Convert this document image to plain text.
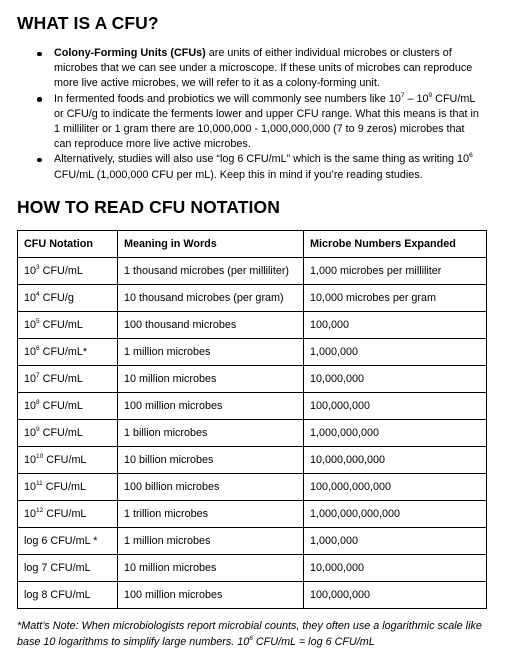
WHAT IS A CFU?
Colony-Forming Units (CFUs) are units of either individual microbes or clusters of microbes that we can see under a microscope. If these units of microbes can reproduce more live active microbes, we will refer to it as a colony-forming unit.
In fermented foods and probiotics we will commonly see numbers like $10^7 - 10^9$ CFU/mL or CFU/g to indicate the ferments lower and upper CFU range. What this means is that in 1 milliliter or 1 gram there are 10,000,000 - 1,000,000,000 (7 to 9 zeros) microbes that can reproduce more live active microbes.
Alternatively, studies will also use “log 6 CFU/mL” which is the same thing as writing $10^6$ CFU/mL (1,000,000 CFU per mL). Keep this in mind if you’re reading studies.
HOW TO READ CFU NOTATION
CFU Notation	Meaning in Words	Microbe Numbers Expanded
$10^3$ CFU/mL	1 thousand microbes (per milliliter)	1,000 microbes per milliliter
$10^4$ CFU/g	10 thousand microbes (per gram)	10,000 microbes per gram
$10^5$ CFU/mL	100 thousand microbes	100,000
$10^6$ CFU/mL*	1 million microbes	1,000,000
$10^7$ CFU/mL	10 million microbes	10,000,000
$10^8$ CFU/mL	100 million microbes	100,000,000
$10^9$ CFU/mL	1 billion microbes	1,000,000,000
$10^{10}$ CFU/mL	10 billion microbes	10,000,000,000
$10^{11}$ CFU/mL	100 billion microbes	100,000,000,000
$10^{12}$ CFU/mL	1 trillion microbes	1,000,000,000,000
log 6 CFU/mL *	1 million microbes	1,000,000
log 7 CFU/mL	10 million microbes	10,000,000
log 8 CFU/mL	100 million microbes	100,000,000

*Matt’s Note: When microbiologists report microbial counts, they often use a logarithmic scale like base 10 logarithms to simplify large numbers. $10^6$ CFU/mL = log 6 CFU/mL
